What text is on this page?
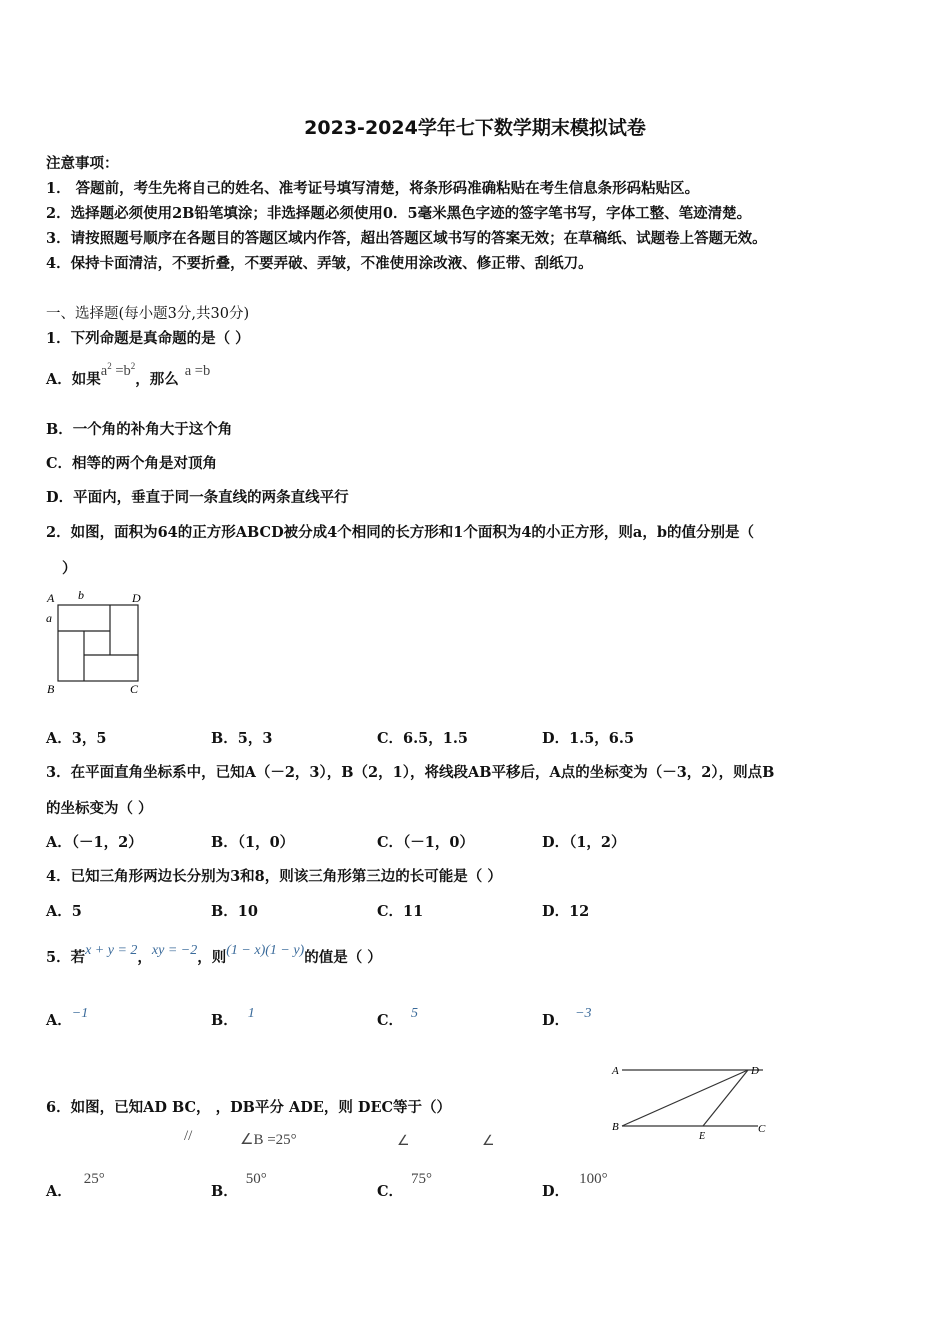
2023-2024学年七下数学期末模拟试卷
注意事项：
1． 答题前，考生先将自己的姓名、准考证号填写清楚，将条形码准确粘贴在考生信息条形码粘贴区。
2．选择题必须使用2B铅笔填涂；非选择题必须使用0．5毫米黑色字迹的签字笔书写，字体工整、笔迹清楚。
3．请按照题号顺序在各题目的答题区域内作答，超出答题区域书写的答案无效；在草稿纸、试题卷上答题无效。
4．保持卡面清洁，不要折叠，不要弄破、弄皱，不准使用涂改液、修正带、刮纸刀。
一、选择题(每小题3分,共30分)
1．下列命题是真命题的是（ ）
A．如果$a^2 =b^2$，那么 a =b
B．一个角的补角大于这个角
C．相等的两个角是对顶角
D．平面内，垂直于同一条直线的两条直线平行
2．如图，面积为64的正方形ABCD被分成4个相同的长方形和1个面积为4的小正方形，则a，b的值分别是（
）
A b	D
a
B	C
A．3，5	B．5，3	C．6.5，1.5	D．1.5，6.5
3．在平面直角坐标系中，已知A（－2，3），B（2，1），将线段AB平移后，A点的坐标变为（－3，2），则点B
的坐标变为（ ）
A．（－1，2）	B．（1，0）	C．（－1，0）	D．（1，2）
4．已知三角形两边长分别为3和8，则该三角形第三边的长可能是（ ）
A．5	B．10	C．11	D．12
5．若x + y = 2，xy = −2，则(1 − x)(1 − y)的值是（ ）
A．−1	B． 1	C． 5	D． −3
6．如图，已知AD BC， ，DB平分 ADE，则 DEC等于（）
//	∠B =25°	∠	∠
A	D
B
E
C
A．25°
B．50°
C．75°
D．100°
